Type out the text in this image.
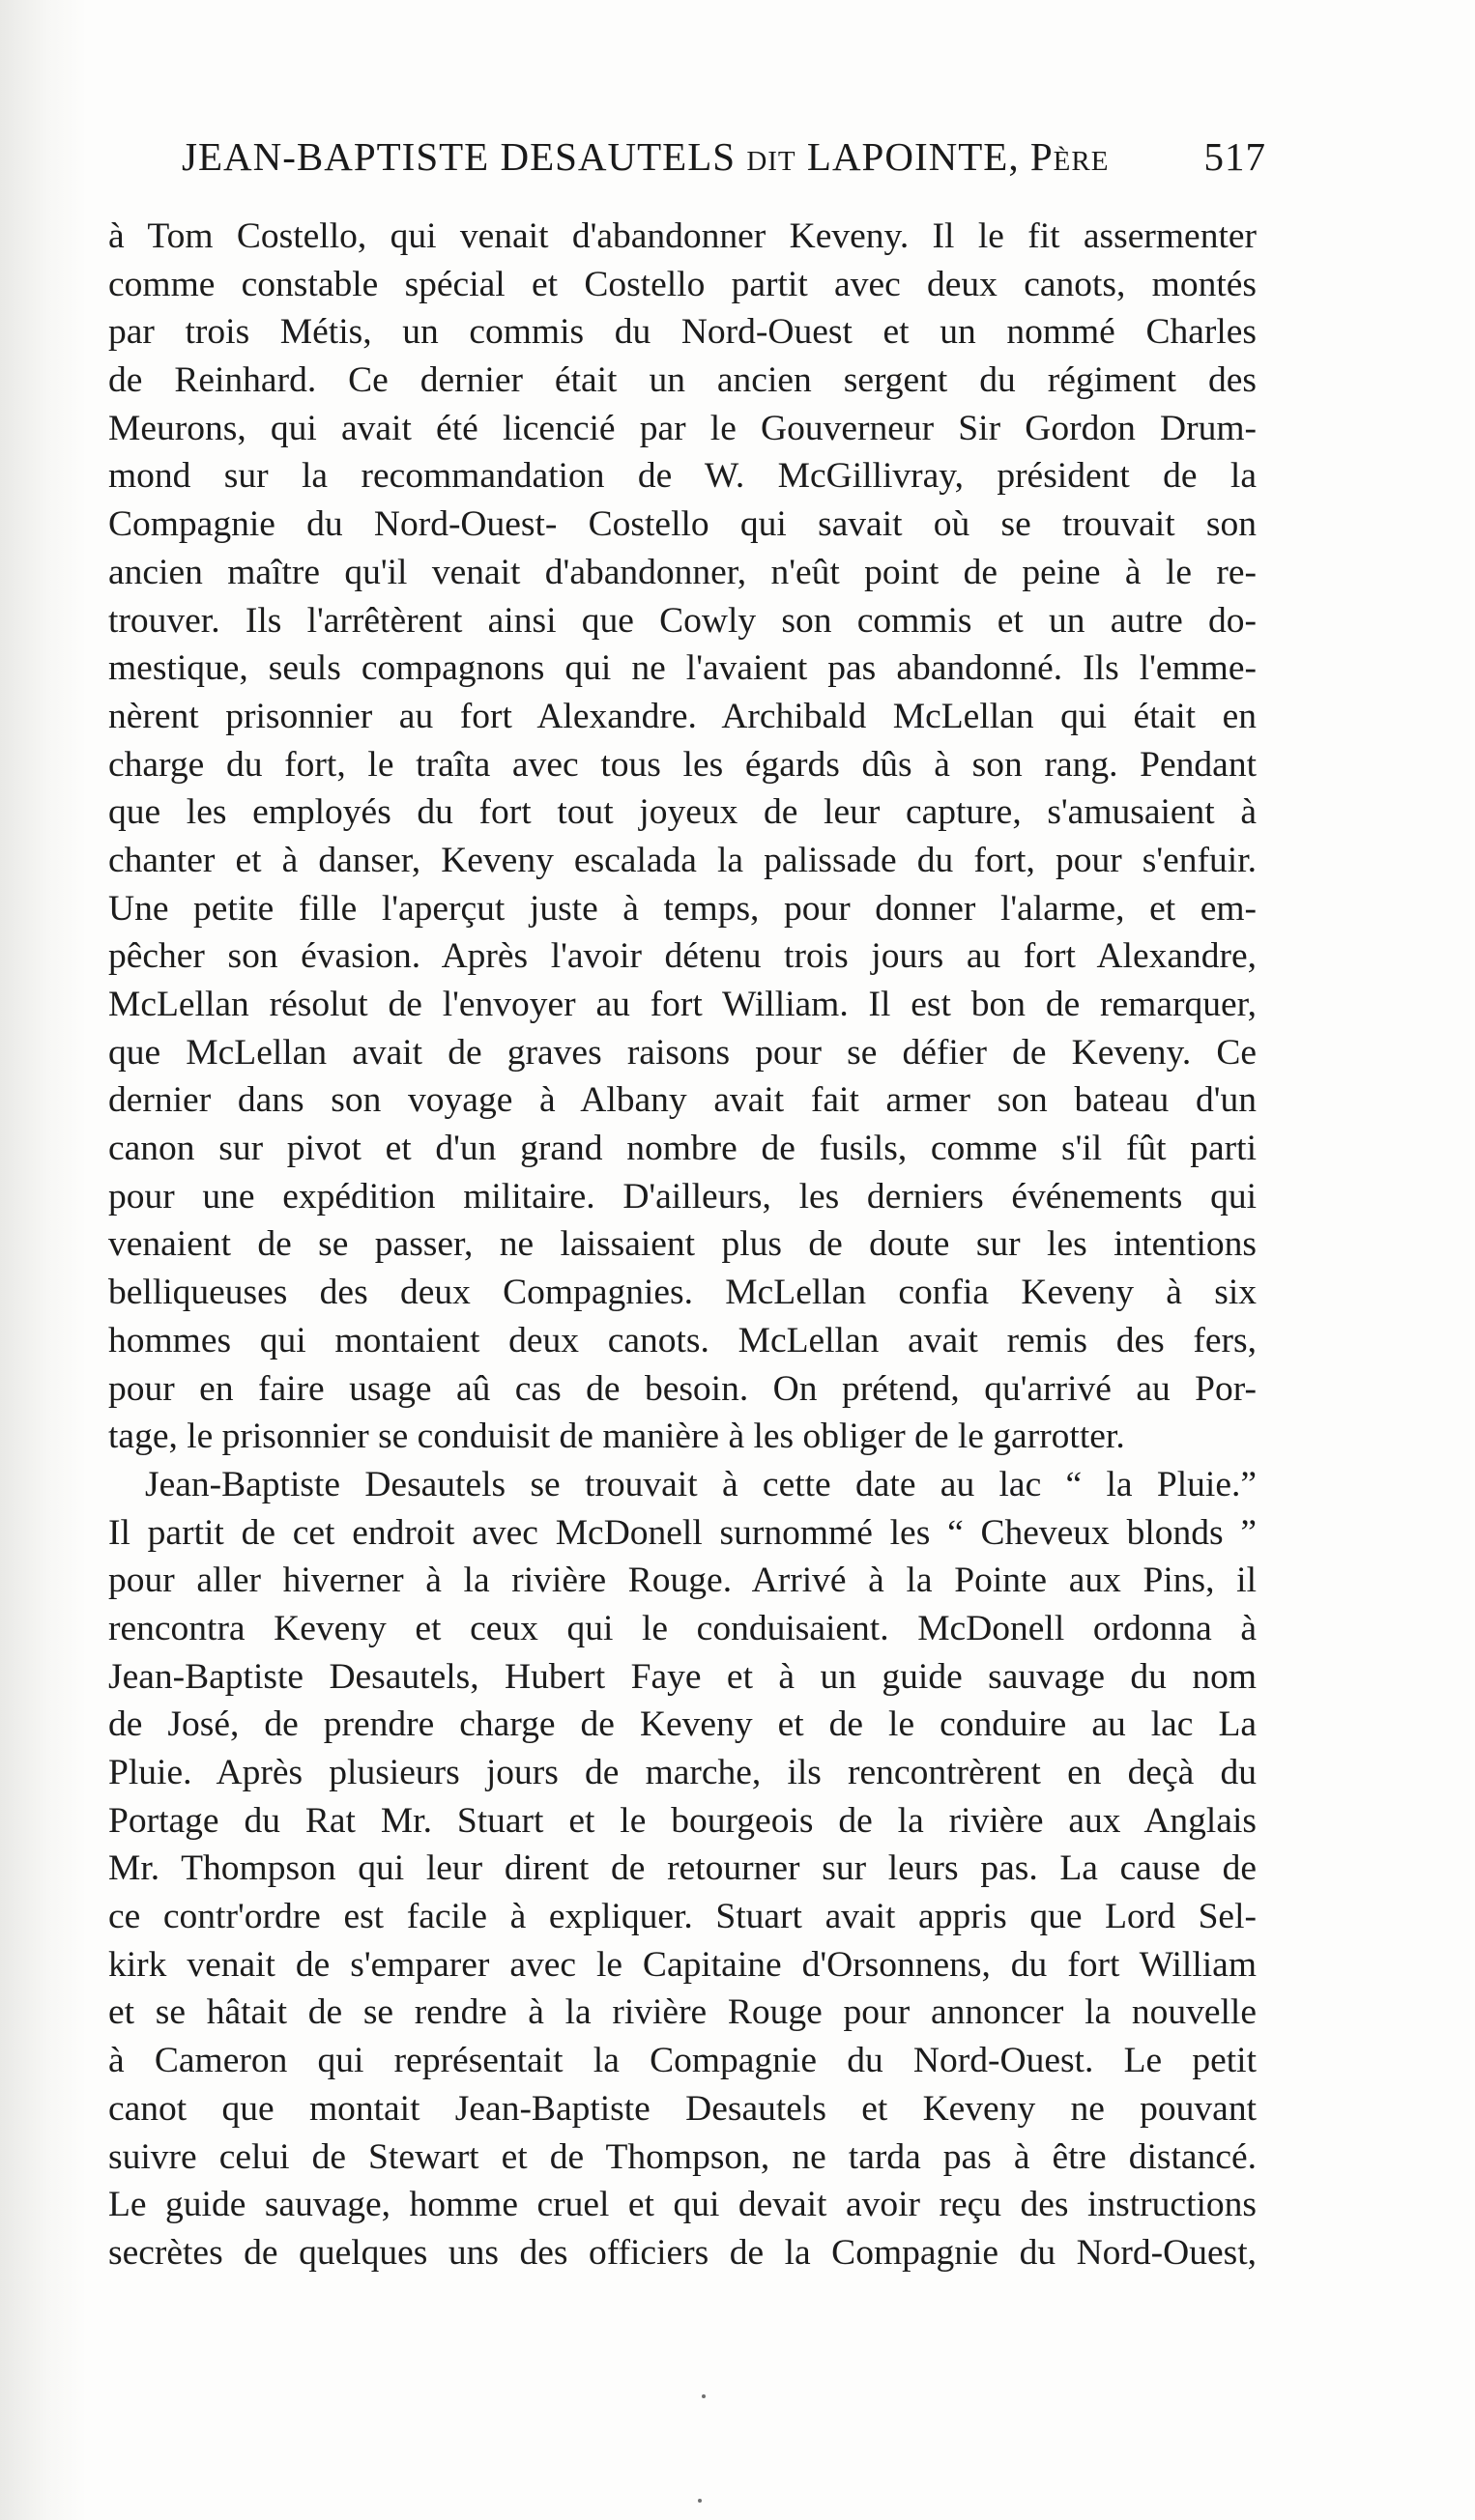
JEAN-BAPTISTE DESAUTELS DIT LAPOINTE, PÈRE 517
à Tom Costello, qui venait d'abandonner Keveny. Il le fit assermenter
comme constable spécial et Costello partit avec deux canots, montés
par trois Métis, un commis du Nord-Ouest et un nommé Charles
de Reinhard. Ce dernier était un ancien sergent du régiment des
Meurons, qui avait été licencié par le Gouverneur Sir Gordon Drum-
mond sur la recommandation de W. McGillivray, président de la
Compagnie du Nord-Ouest- Costello qui savait où se trouvait son
ancien maître qu'il venait d'abandonner, n'eût point de peine à le re-
trouver. Ils l'arrêtèrent ainsi que Cowly son commis et un autre do-
mestique, seuls compagnons qui ne l'avaient pas abandonné. Ils l'emme-
nèrent prisonnier au fort Alexandre. Archibald McLellan qui était en
charge du fort, le traîta avec tous les égards dûs à son rang. Pendant
que les employés du fort tout joyeux de leur capture, s'amusaient à
chanter et à danser, Keveny escalada la palissade du fort, pour s'enfuir.
Une petite fille l'aperçut juste à temps, pour donner l'alarme, et em-
pêcher son évasion. Après l'avoir détenu trois jours au fort Alexandre,
McLellan résolut de l'envoyer au fort William. Il est bon de remarquer,
que McLellan avait de graves raisons pour se défier de Keveny. Ce
dernier dans son voyage à Albany avait fait armer son bateau d'un
canon sur pivot et d'un grand nombre de fusils, comme s'il fût parti
pour une expédition militaire. D'ailleurs, les derniers événements qui
venaient de se passer, ne laissaient plus de doute sur les intentions
belliqueuses des deux Compagnies. McLellan confia Keveny à six
hommes qui montaient deux canots. McLellan avait remis des fers,
pour en faire usage aû cas de besoin. On prétend, qu'arrivé au Por-
tage, le prisonnier se conduisit de manière à les obliger de le garrotter.
Jean-Baptiste Desautels se trouvait à cette date au lac “ la Pluie.”
Il partit de cet endroit avec McDonell surnommé les “ Cheveux blonds ”
pour aller hiverner à la rivière Rouge. Arrivé à la Pointe aux Pins, il
rencontra Keveny et ceux qui le conduisaient. McDonell ordonna à
Jean-Baptiste Desautels, Hubert Faye et à un guide sauvage du nom
de José, de prendre charge de Keveny et de le conduire au lac La
Pluie. Après plusieurs jours de marche, ils rencontrèrent en deçà du
Portage du Rat Mr. Stuart et le bourgeois de la rivière aux Anglais
Mr. Thompson qui leur dirent de retourner sur leurs pas. La cause de
ce contr'ordre est facile à expliquer. Stuart avait appris que Lord Sel-
kirk venait de s'emparer avec le Capitaine d'Orsonnens, du fort William
et se hâtait de se rendre à la rivière Rouge pour annoncer la nouvelle
à Cameron qui représentait la Compagnie du Nord-Ouest. Le petit
canot que montait Jean-Baptiste Desautels et Keveny ne pouvant
suivre celui de Stewart et de Thompson, ne tarda pas à être distancé.
Le guide sauvage, homme cruel et qui devait avoir reçu des instructions
secrètes de quelques uns des officiers de la Compagnie du Nord-Ouest,
